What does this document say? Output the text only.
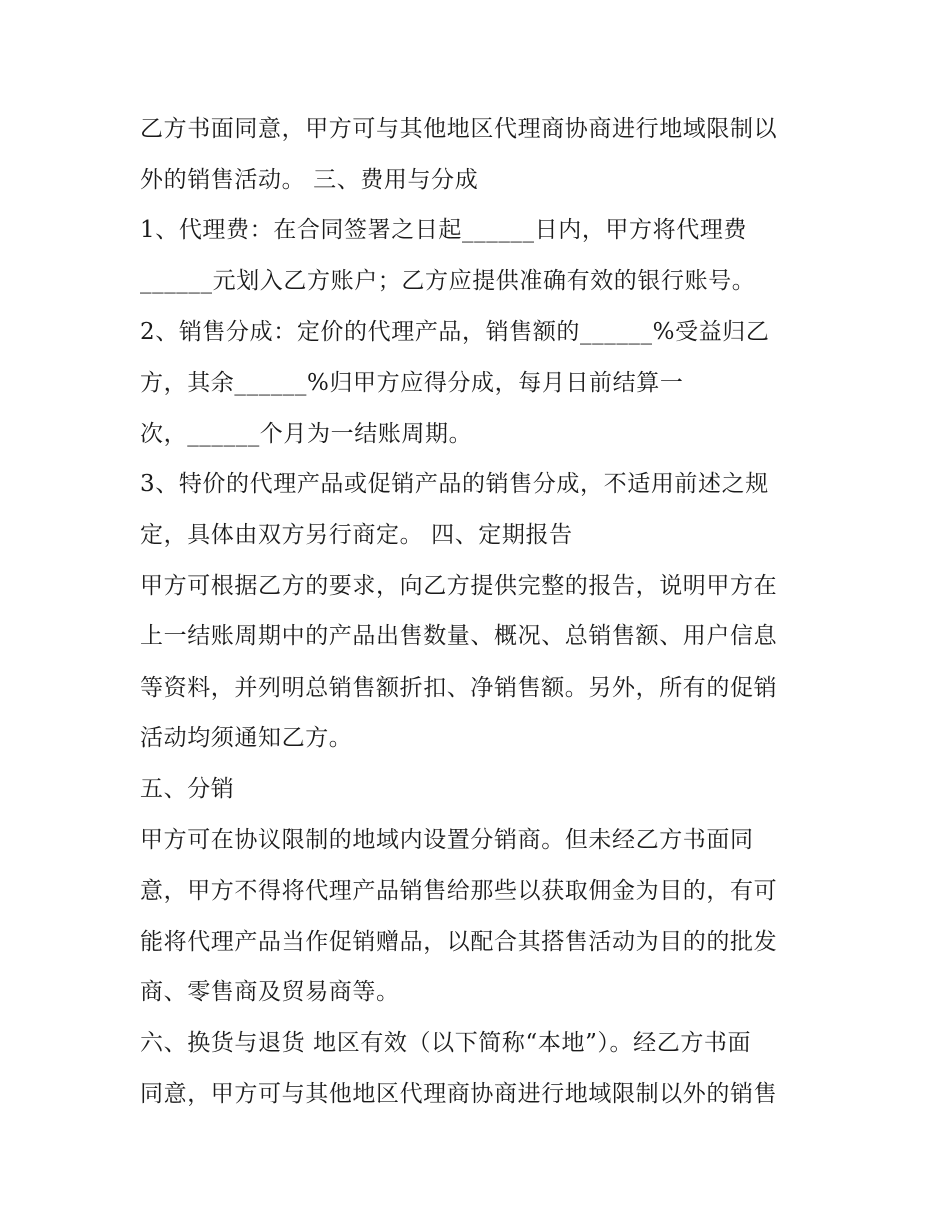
乙方书面同意，甲方可与其他地区代理商协商进行地域限制以

外的销售活动。 三、费用与分成

1、代理费：在合同签署之日起______日内，甲方将代理费

______元划入乙方账户；乙方应提供准确有效的银行账号。

2、销售分成：定价的代理产品，销售额的______%受益归乙

方，其余______%归甲方应得分成，每月日前结算一

次，______个月为一结账周期。

3、特价的代理产品或促销产品的销售分成，不适用前述之规

定，具体由双方另行商定。 四、定期报告

甲方可根据乙方的要求，向乙方提供完整的报告，说明甲方在

上一结账周期中的产品出售数量、概况、总销售额、用户信息

等资料，并列明总销售额折扣、净销售额。另外，所有的促销

活动均须通知乙方。

五、分销

甲方可在协议限制的地域内设置分销商。但未经乙方书面同

意，甲方不得将代理产品销售给那些以获取佣金为目的，有可

能将代理产品当作促销赠品，以配合其搭售活动为目的的批发

商、零售商及贸易商等。

六、换货与退货 地区有效（以下简称“本地”）。经乙方书面

同意，甲方可与其他地区代理商协商进行地域限制以外的销售
